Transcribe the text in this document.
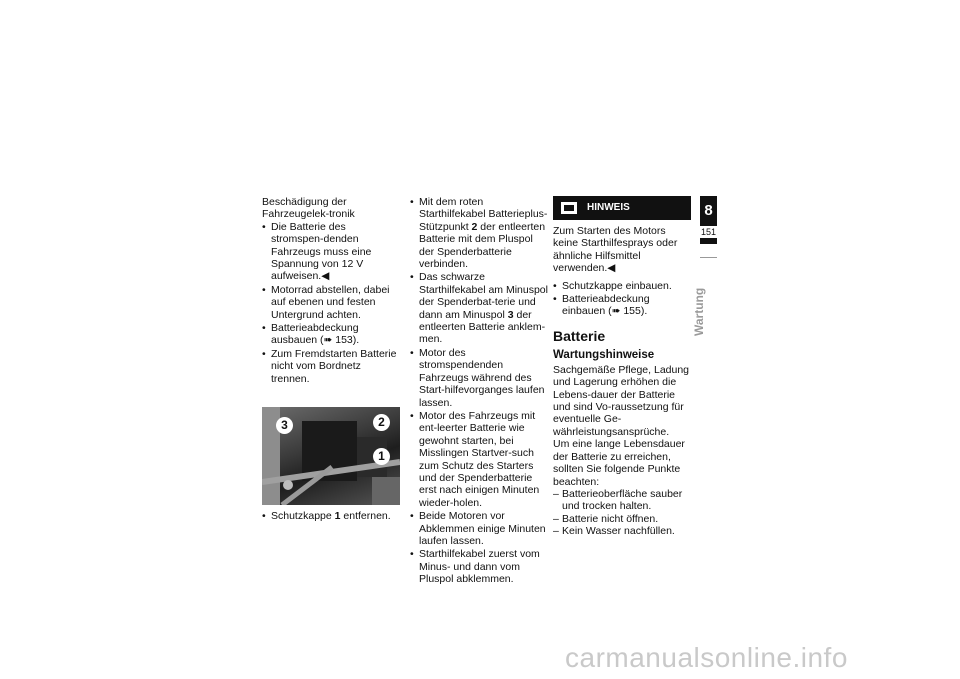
Beschädigung der Fahrzeugelek-tronik

• Die Batterie des stromspen-denden Fahrzeugs muss eine Spannung von 12 V aufweisen.◀
• Motorrad abstellen, dabei auf ebenen und festen Untergrund achten.
• Batterieabdeckung ausbauen (➠ 153).
• Zum Fremdstarten Batterie nicht vom Bordnetz trennen.
3	2
1
• Schutzkappe 1 entfernen.
• Mit dem roten Starthilfekabel Batterieplus-Stützpunkt 2 der entleerten Batterie mit dem Pluspol der Spenderbatterie verbinden.
• Das schwarze Starthilfekabel am Minuspol der Spenderbat-terie und dann am Minuspol 3 der entleerten Batterie anklem-men.
• Motor des stromspendenden Fahrzeugs während des Start-hilfevorganges laufen lassen.
• Motor des Fahrzeugs mit ent-leerter Batterie wie gewohnt starten, bei Misslingen Startver-such zum Schutz des Starters und der Spenderbatterie erst nach einigen Minuten wieder-holen.
• Beide Motoren vor Abklemmen einige Minuten laufen lassen.
• Starthilfekabel zuerst vom Minus- und dann vom Pluspol abklemmen.
HINWEIS

Zum Starten des Motors keine Starthilfesprays oder ähnliche Hilfsmittel verwenden.◀

• Schutzkappe einbauen.
• Batterieabdeckung einbauen (➠ 155).
Batterie
Wartungshinweise

Sachgemäße Pflege, Ladung und Lagerung erhöhen die Lebens-dauer der Batterie und sind Vo-raussetzung für eventuelle Ge-währleistungsansprüche.

Um eine lange Lebensdauer der Batterie zu erreichen, sollten Sie folgende Punkte beachten:

– Batterieoberfläche sauber und trocken halten.
– Batterie nicht öffnen.
– Kein Wasser nachfüllen.
8
151
Wartung
carmanualsonline.info
